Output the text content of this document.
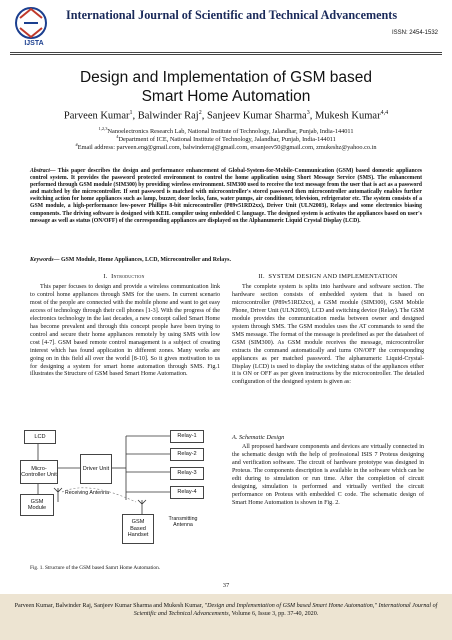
IJSTA
International Journal of Scientific and Technical Advancements
ISSN: 2454-1532
Design and Implementation of GSM based
Smart Home Automation
Parveen Kumar$^1$, Balwinder Raj$^2$, Sanjeev Kumar Sharma$^3$, Mukesh Kumar$^{4,4}$
$^{1,2,3}$Nanoelectronics Research Lab, National Institute of Technology, Jalandhar, Punjab, India-144011
$^4$Department of ICE, National Institute of Technology, Jalandhar, Punjab, India-144011
#Email address: parveen.eng@gmail.com, balwinderraj@gmail.com, ersanjeev50@gmail.com, zmukeshz@yahoo.co.in
Abstract— This paper describes the design and performance enhancement of Global-System-for-Mobile-Communication (GSM) based domestic appliances control system. It provides the password protected environment to control the home application using Short Message Service (SMS). The enhancement performed through GSM module (SIM300) by providing wireless environment. SIM300 used to receive the text message from the user that is act as a password and matched by the microcontroller. If sent password is matched with microcontroller's stored password then microcontroller automatically enables further switching action for home appliances such as lamp, buzzer, door locks, fans, water pumps, air conditioner, television, refrigerator etc. The system consists of a GSM module, a high-performance low-power Phillips 8-bit microcontroller (P89v51RD2xx), Driver Unit (ULN2003), Relays and some electronics biasing components. The driving software is designed with KEIL compiler using embedded C language. The designed system is activates the appliances based on user's message as well as status (ON/OFF) of the corresponding appliances are displayed on the Alphanumeric Liquid Crystal Display (LCD).
Keywords— GSM Module, Home Appliances, LCD, Microcontroller and Relays.
I. Introduction
This paper focuses to design and provide a wireless communication link to control home appliances through SMS for the users. In current scenario most of the people are connected with the mobile phone and want to get easy access of technology through their cell phones [1-3]. With the progress of the electronics technology in the last decades, a new concept called Smart Home has become prevalent and through this concept people have been trying to control and secure their home appliances remotely by using SMS with low cost [4-7]. GSM based remote control management is a subject of creating interest which has found application in different zones. Many works are going on in this field all over the world [8-10]. So it gives motivation to us for designing a system for smart home automation through SMS. Fig.1 illustrates the Structure of GSM based Smart Home Automation.
LCD
Micro-Controller Unit
Driver Unit
Relay-1
Relay-2
Relay-3
Relay-4
GSM Module
GSM Based Handset
Receiving Antenna
Transmitting Antenna
Fig. 1. Structure of the GSM based Samrt Home Automation.
II. SYSTEM DESIGN AND IMPLEMENTATION
The complete system is splits into hardware and software section. The hardware section consists of embedded system that is based on microcontroller (P89v51RD2xx), a GSM module (SIM300), GSM Mobile Phone, Driver Unit (ULN2003), LCD and switching device (Relay). The GSM module provides the communication media between owner and designed system through SMS. The GSM modules uses the AT commands to send the SMS message. The format of the message is predefined as per the datasheet of GSM (SIM300). As GSM module receives the message, microcontroller extracts the command automatically and turns ON/OFF the corresponding appliances as per matched password. The alphanumeric Liquid-Crystal-Display (LCD) is used to display the switching status of the appliances either it is ON or OFF as per given instructions by the microcontroller. The detailed configuration of the designed system is given as:
A. Schematic Design
All proposed hardware components and devices are virtually connected in the schematic design with the help of professional ISIS 7 Proteus designing and verification software. The circuit of hardware prototype was designed in Proteus. The components description is available in the software which can be edit during to simulation or run time. After the completion of circuit designing, simulation is performed and virtually verified the circuit performance on Proteus with embedded C code. The schematic design of Smart Home Automation is shown in Fig. 2.
37
Parveen Kumar, Balwinder Raj, Sanjeev Kumar Sharma and Mukesh Kumar, "Design and Implementation of GSM based Smart Home Automation," International Journal of Scientific and Technical Advancements, Volume 6, Issue 3, pp. 37-40, 2020.
